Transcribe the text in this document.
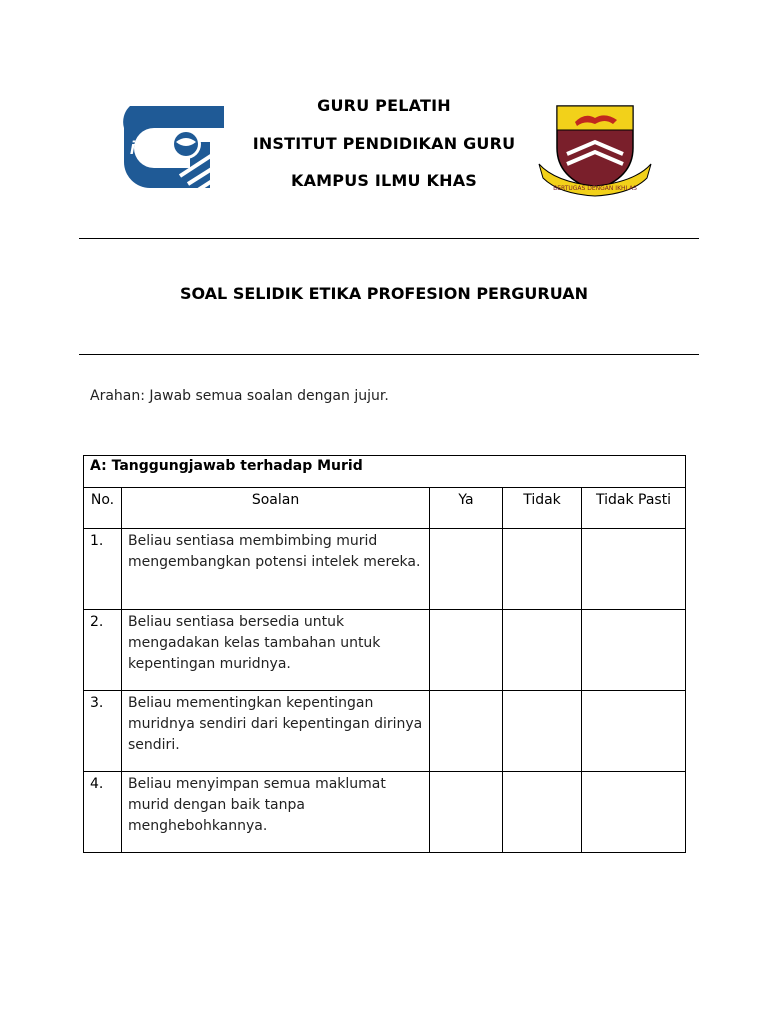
iPG
GURU PELATIH
INSTITUT PENDIDIKAN GURU
KAMPUS ILMU KHAS	BERTUGAS DENGAN IKHLAS
SOAL SELIDIK ETIKA PROFESION PERGURUAN
Arahan: Jawab semua soalan dengan jujur.
A: Tanggungjawab terhadap Murid				
No.	Soalan	Ya	Tidak	Tidak Pasti
1.	Beliau sentiasa membimbing murid mengembangkan potensi intelek mereka.			
2.	Beliau sentiasa bersedia untuk mengadakan kelas tambahan untuk kepentingan muridnya.			
3.	Beliau mementingkan kepentingan muridnya sendiri dari kepentingan dirinya sendiri.			
4.	Beliau menyimpan semua maklumat murid dengan baik tanpa menghebohkannya.			
